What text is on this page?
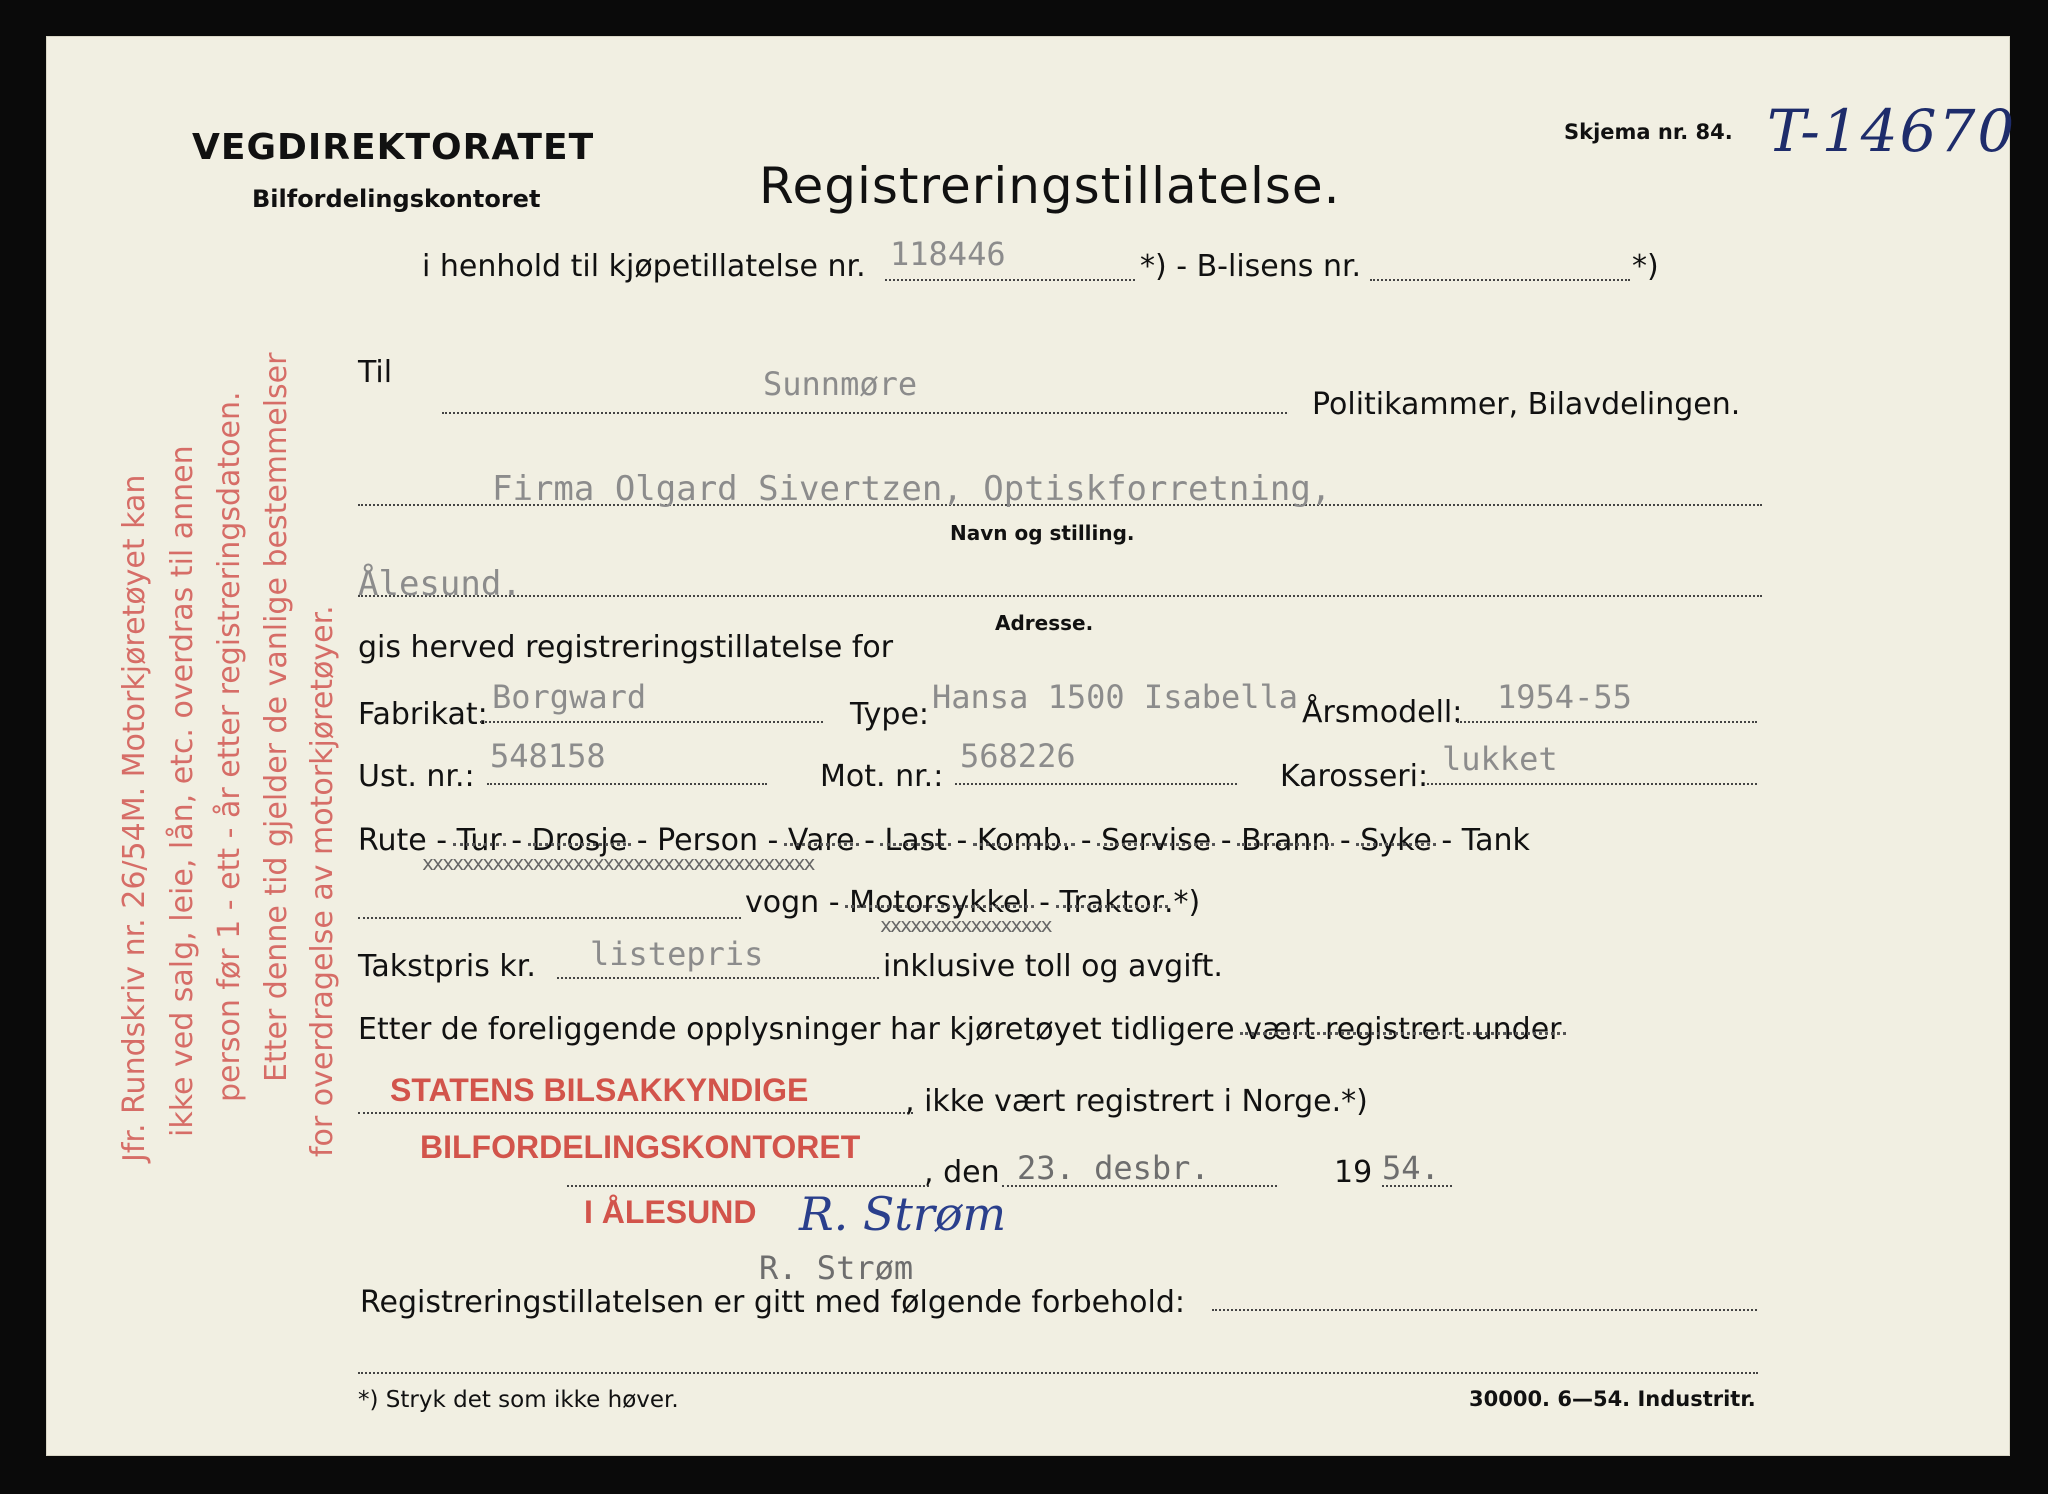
VEGDIREKTORATET
Bilfordelingskontoret	Registreringstillatelse.
Skjema nr. 84. T-14670
i henhold til kjøpetillatelse nr. 118446	*) - B-lisens nr.	*)
Til	Sunnmøre
Politikammer, Bilavdelingen.
Firma Olgard Sivertzen, Optiskforretning,
Navn og stilling.
Ålesund.
Adresse.
gis herved registreringstillatelse for
Fabrikat: Borgward	Type: Hansa 1500 Isabella Årsmodell: 1954-55
Ust. nr.:
548158
Mot. nr.:
568226
Karosseri: lukket
Rute - Tur - Drosje - Person - Vare - Last - Komb. - Servise - Brann - Syke - Tank
xxxxxxxxxxxxxxxxxxxxxxxxxxxxxxxxxxxxxxx
vogn - Motorsykkel - Traktor.*)
xxxxxxxxxxxxxxxxx
Takstpris kr. listepris	inklusive toll og avgift.
Etter de foreliggende opplysninger har kjøretøyet tidligere vært registrert under
, ikke vært registrert i Norge.*)
, den 23. desbr.	19 54.
STATENS BILSAKKYNDIGE
BILFORDELINGSKONTORET
I ÅLESUND R. Strøm
R. Strøm
Registreringstillatelsen er gitt med følgende forbehold:
*) Stryk det som ikke høver.	30000. 6—54. Industritr.
Jfr. Rundskriv nr. 26/54M. Motorkjøretøyet kan ikke ved salg, leie, lån, etc. overdras til annen person før 1 - ett - år etter registreringsdatoen. Etter denne tid gjelder de vanlige bestemmelser for overdragelse av motorkjøretøyer.
